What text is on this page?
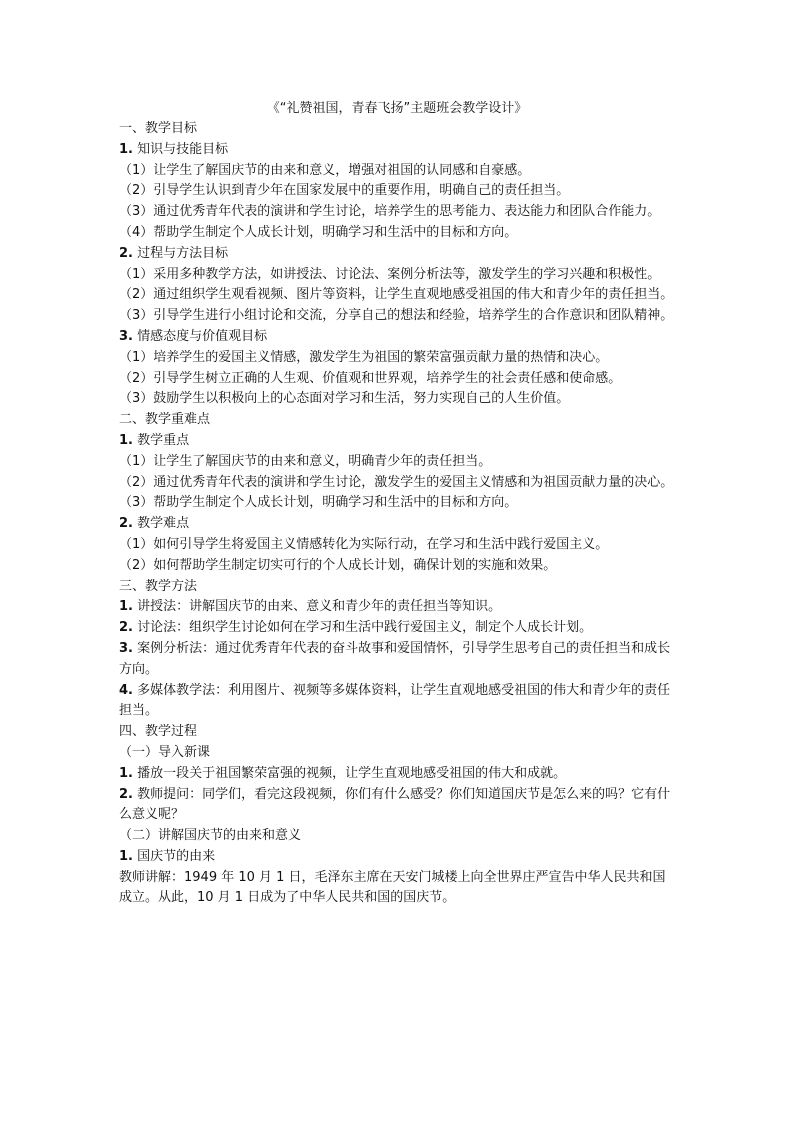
《“礼赞祖国，青春飞扬”主题班会教学设计》

一、教学目标

1. 知识与技能目标

（1）让学生了解国庆节的由来和意义，增强对祖国的认同感和自豪感。

（2）引导学生认识到青少年在国家发展中的重要作用，明确自己的责任担当。

（3）通过优秀青年代表的演讲和学生讨论，培养学生的思考能力、表达能力和团队合作能力。

（4）帮助学生制定个人成长计划，明确学习和生活中的目标和方向。

2. 过程与方法目标

（1）采用多种教学方法，如讲授法、讨论法、案例分析法等，激发学生的学习兴趣和积极性。

（2）通过组织学生观看视频、图片等资料，让学生直观地感受祖国的伟大和青少年的责任担当。

（3）引导学生进行小组讨论和交流，分享自己的想法和经验，培养学生的合作意识和团队精神。

3. 情感态度与价值观目标

（1）培养学生的爱国主义情感，激发学生为祖国的繁荣富强贡献力量的热情和决心。

（2）引导学生树立正确的人生观、价值观和世界观，培养学生的社会责任感和使命感。

（3）鼓励学生以积极向上的心态面对学习和生活，努力实现自己的人生价值。

二、教学重难点

1. 教学重点

（1）让学生了解国庆节的由来和意义，明确青少年的责任担当。

（2）通过优秀青年代表的演讲和学生讨论，激发学生的爱国主义情感和为祖国贡献力量的决心。

（3）帮助学生制定个人成长计划，明确学习和生活中的目标和方向。

2. 教学难点

（1）如何引导学生将爱国主义情感转化为实际行动，在学习和生活中践行爱国主义。

（2）如何帮助学生制定切实可行的个人成长计划，确保计划的实施和效果。

三、教学方法

1. 讲授法：讲解国庆节的由来、意义和青少年的责任担当等知识。

2. 讨论法：组织学生讨论如何在学习和生活中践行爱国主义，制定个人成长计划。

3. 案例分析法：通过优秀青年代表的奋斗故事和爱国情怀，引导学生思考自己的责任担当和成长方向。

4. 多媒体教学法：利用图片、视频等多媒体资料，让学生直观地感受祖国的伟大和青少年的责任担当。

四、教学过程

（一）导入新课

1. 播放一段关于祖国繁荣富强的视频，让学生直观地感受祖国的伟大和成就。

2. 教师提问：同学们，看完这段视频，你们有什么感受？你们知道国庆节是怎么来的吗？它有什么意义呢？

（二）讲解国庆节的由来和意义

1. 国庆节的由来

教师讲解：1949 年 10 月 1 日，毛泽东主席在天安门城楼上向全世界庄严宣告中华人民共和国成立。从此，10 月 1 日成为了中华人民共和国的国庆节。
